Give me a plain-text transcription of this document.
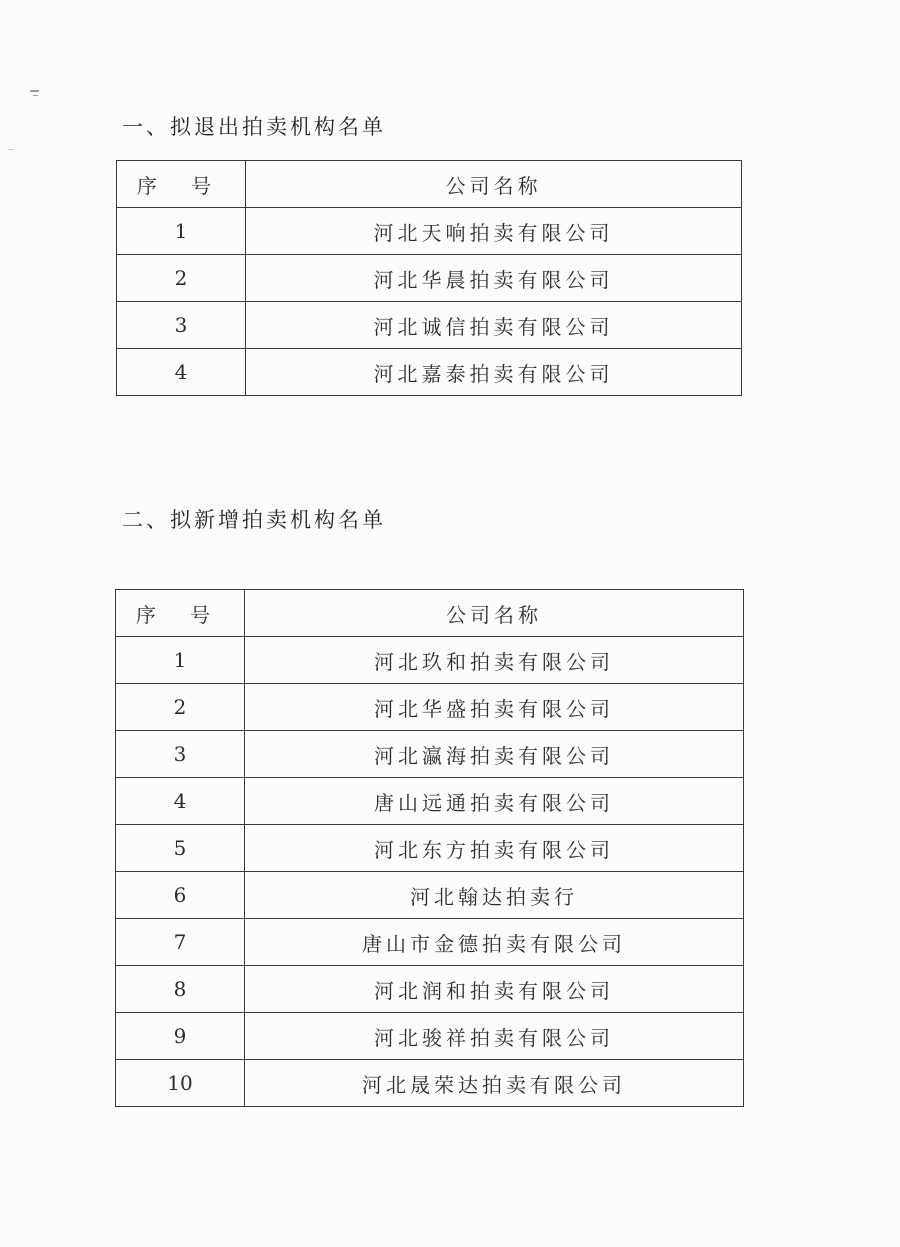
一、拟退出拍卖机构名单
序 号	公司名称
1	河北天响拍卖有限公司
2	河北华晨拍卖有限公司
3	河北诚信拍卖有限公司
4	河北嘉泰拍卖有限公司
二、拟新增拍卖机构名单
序 号	公司名称
1	河北玖和拍卖有限公司
2	河北华盛拍卖有限公司
3	河北瀛海拍卖有限公司
4	唐山远通拍卖有限公司
5	河北东方拍卖有限公司
6	河北翰达拍卖行
7	唐山市金德拍卖有限公司
8	河北润和拍卖有限公司
9	河北骏祥拍卖有限公司
10	河北晟荣达拍卖有限公司
